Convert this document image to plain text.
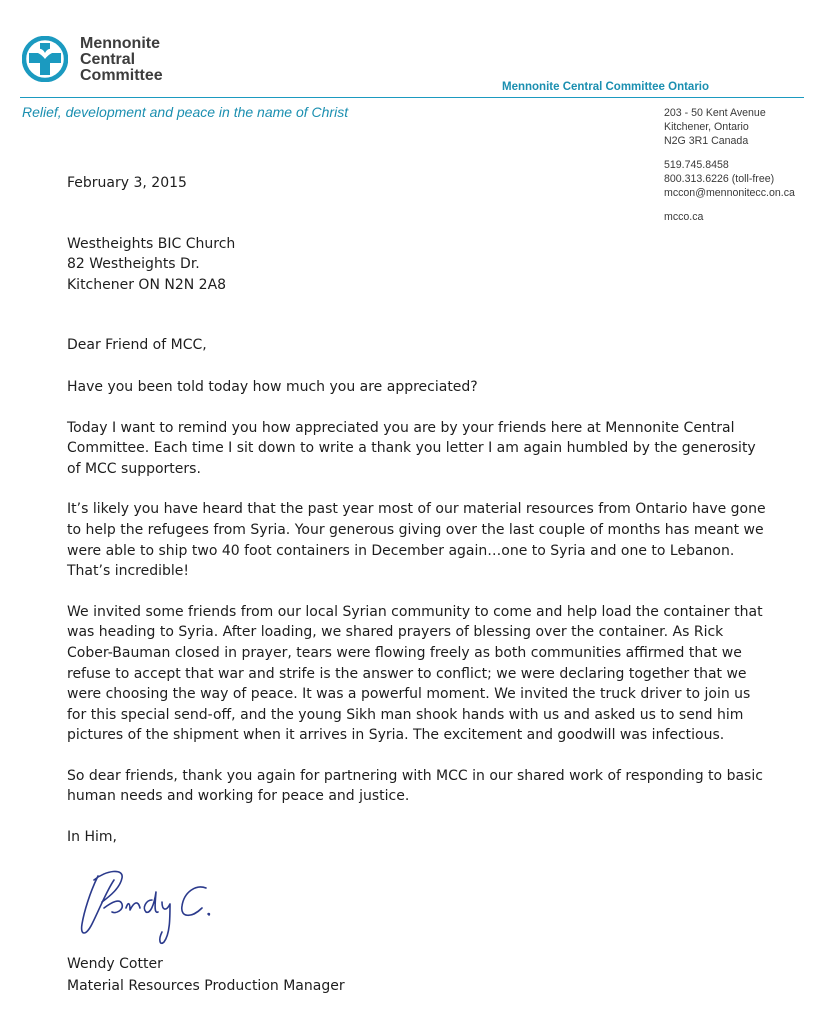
Mennonite
Central
Committee
Mennonite Central Committee Ontario
Relief, development and peace in the name of Christ	203 - 50 Kent Avenue
Kitchener, Ontario
N2G 3R1 Canada
519.745.8458
800.313.6226 (toll-free)
mccon@mennonitecc.on.ca
mcco.ca

February 3, 2015

Westheights BIC Church

82 Westheights Dr.

Kitchener ON N2N 2A8

Dear Friend of MCC,

Have you been told today how much you are appreciated?

Today I want to remind you how appreciated you are by your friends here at Mennonite Central Committee. Each time I sit down to write a thank you letter I am again humbled by the generosity of MCC supporters.

It’s likely you have heard that the past year most of our material resources from Ontario have gone to help the refugees from Syria. Your generous giving over the last couple of months has meant we were able to ship two 40 foot containers in December again…one to Syria and one to Lebanon. That’s incredible!

We invited some friends from our local Syrian community to come and help load the container that was heading to Syria. After loading, we shared prayers of blessing over the container. As Rick Cober-Bauman closed in prayer, tears were flowing freely as both communities affirmed that we refuse to accept that war and strife is the answer to conflict; we were declaring together that we were choosing the way of peace. It was a powerful moment. We invited the truck driver to join us for this special send-off, and the young Sikh man shook hands with us and asked us to send him pictures of the shipment when it arrives in Syria. The excitement and goodwill was infectious.

So dear friends, thank you again for partnering with MCC in our shared work of responding to basic human needs and working for peace and justice.

In Him,

Wendy Cotter
Material Resources Production Manager
